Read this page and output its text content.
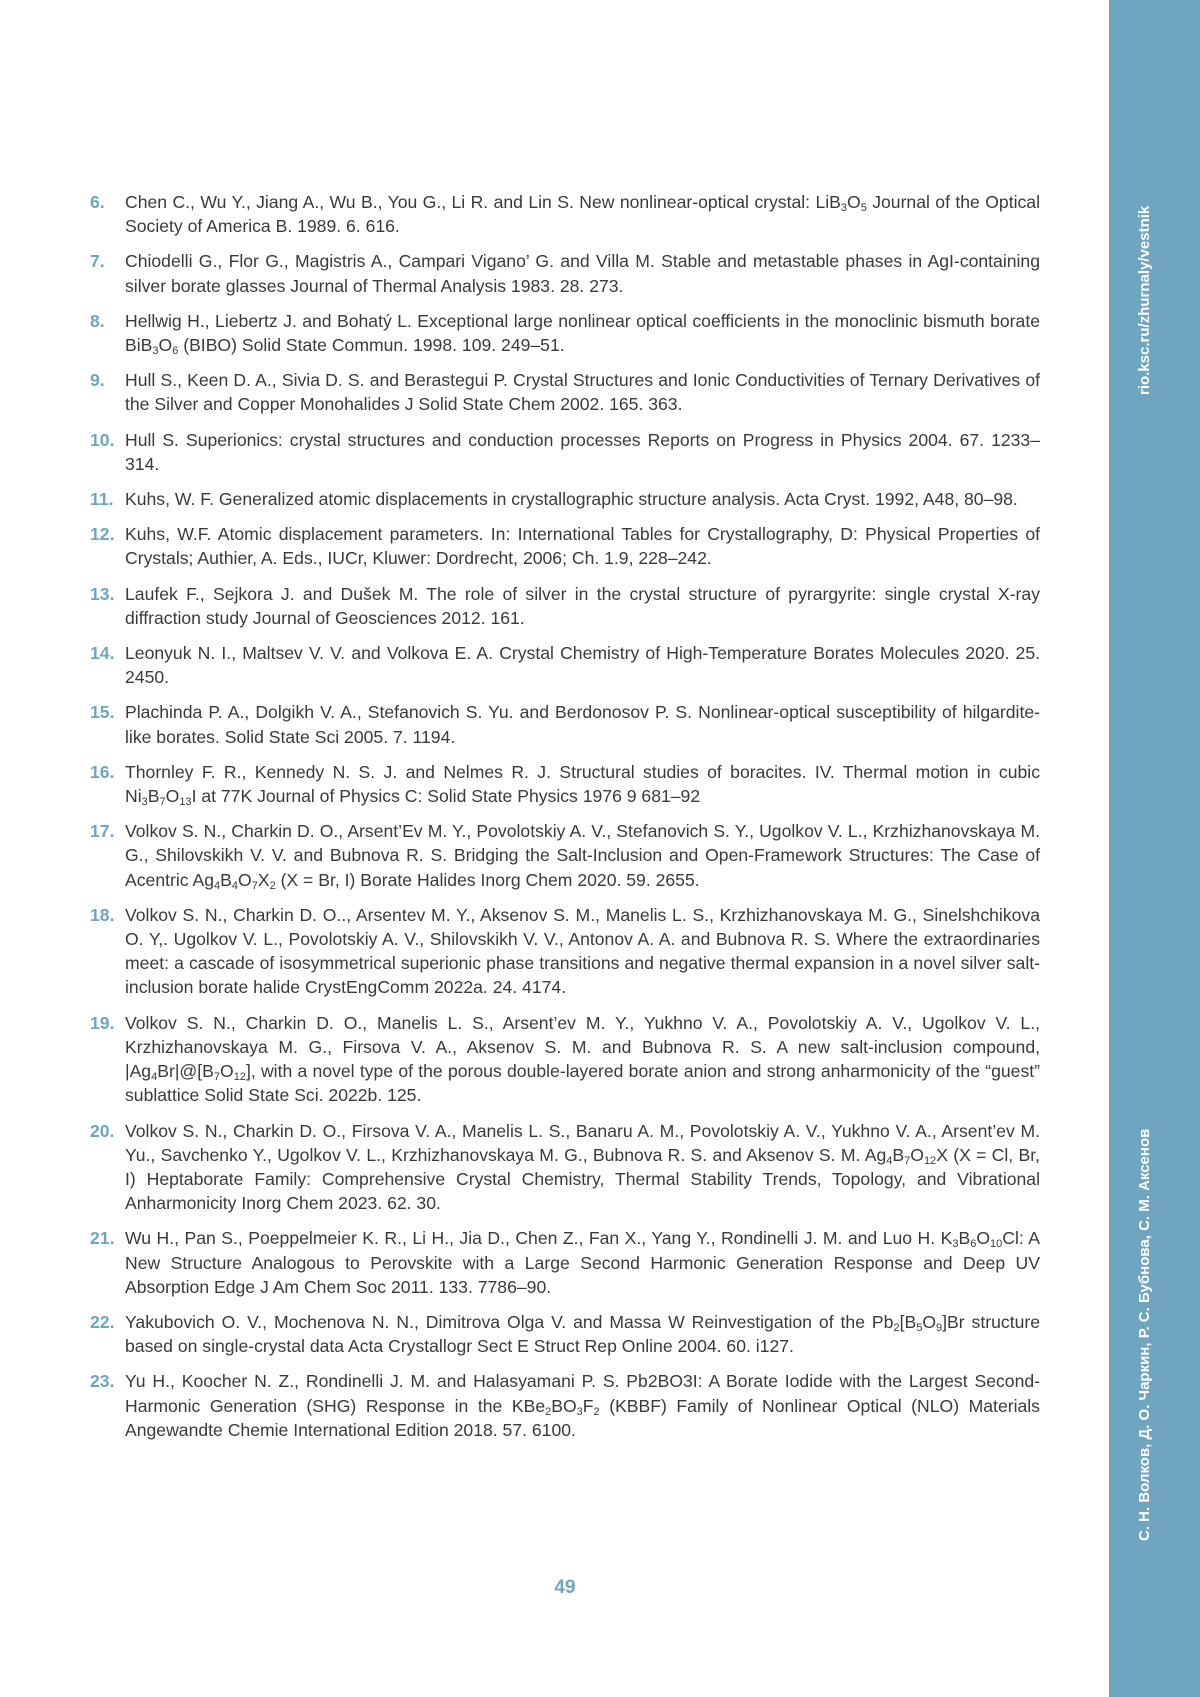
rio.ksc.ru/zhurnaly/vestnik
С. Н. Волков, Д. О. Чаркин, Р. С. Бубнова, С. М. Аксенов
6. Chen C., Wu Y., Jiang A., Wu B., You G., Li R. and Lin S. New nonlinear-optical crystal: LiB3O5 Journal of the Optical Society of America B. 1989. 6. 616.
7. Chiodelli G., Flor G., Magistris A., Campari Vigano’ G. and Villa M. Stable and metastable phases in AgI-containing silver borate glasses Journal of Thermal Analysis 1983. 28. 273.
8. Hellwig H., Liebertz J. and Bohatý L. Exceptional large nonlinear optical coefficients in the monoclinic bismuth borate BiB3O6 (BIBO) Solid State Commun. 1998. 109. 249–51.
9. Hull S., Keen D. A., Sivia D. S. and Berastegui P. Crystal Structures and Ionic Conductivities of Ternary Derivatives of the Silver and Copper Monohalides J Solid State Chem 2002. 165. 363.
10. Hull S. Superionics: crystal structures and conduction processes Reports on Progress in Physics 2004. 67. 1233–314.
11. Kuhs, W. F. Generalized atomic displacements in crystallographic structure analysis. Acta Cryst. 1992, A48, 80–98.
12. Kuhs, W.F. Atomic displacement parameters. In: International Tables for Crystallography, D: Physical Properties of Crystals; Authier, A. Eds., IUCr, Kluwer: Dordrecht, 2006; Ch. 1.9, 228–242.
13. Laufek F., Sejkora J. and Dušek M. The role of silver in the crystal structure of pyrargyrite: single crystal X-ray diffraction study Journal of Geosciences 2012. 161.
14. Leonyuk N. I., Maltsev V. V. and Volkova E. A. Crystal Chemistry of High-Temperature Borates Molecules 2020. 25. 2450.
15. Plachinda P. A., Dolgikh V. A., Stefanovich S. Yu. and Berdonosov P. S. Nonlinear-optical susceptibility of hilgardite-like borates. Solid State Sci 2005. 7. 1194.
16. Thornley F. R., Kennedy N. S. J. and Nelmes R. J. Structural studies of boracites. IV. Thermal motion in cubic Ni3B7O13I at 77K Journal of Physics C: Solid State Physics 1976 9 681–92
17. Volkov S. N., Charkin D. O., Arsent’Ev M. Y., Povolotskiy A. V., Stefanovich S. Y., Ugolkov V. L., Krzhizhanovskaya M. G., Shilovskikh V. V. and Bubnova R. S. Bridging the Salt-Inclusion and Open-Framework Structures: The Case of Acentric Ag4B4O7X2 (X = Br, I) Borate Halides Inorg Chem 2020. 59. 2655.
18. Volkov S. N., Charkin D. O.., Arsentev M. Y., Aksenov S. M., Manelis L. S., Krzhizhanovskaya M. G., Sinelshchikova O. Y,. Ugolkov V. L., Povolotskiy A. V., Shilovskikh V. V., Antonov A. A. and Bubnova R. S. Where the extraordinaries meet: a cascade of isosymmetrical superionic phase transitions and negative thermal expansion in a novel silver salt-inclusion borate halide CrystEngComm 2022a. 24. 4174.
19. Volkov S. N., Charkin D. O., Manelis L. S., Arsent’ev M. Y., Yukhno V. A., Povolotskiy A. V., Ugolkov V. L., Krzhizhanovskaya M. G., Firsova V. A., Aksenov S. M. and Bubnova R. S. A new salt-inclusion compound, |Ag4Br|@[B7O12], with a novel type of the porous double-layered borate anion and strong anharmonicity of the “guest” sublattice Solid State Sci. 2022b. 125.
20. Volkov S. N., Charkin D. O., Firsova V. A., Manelis L. S., Banaru A. M., Povolotskiy A. V., Yukhno V. A., Arsent’ev M. Yu., Savchenko Y., Ugolkov V. L., Krzhizhanovskaya M. G., Bubnova R. S. and Aksenov S. M. Ag4B7O12X (X = Cl, Br, I) Heptaborate Family: Comprehensive Crystal Chemistry, Thermal Stability Trends, Topology, and Vibrational Anharmonicity Inorg Chem 2023. 62. 30.
21. Wu H., Pan S., Poeppelmeier K. R., Li H., Jia D., Chen Z., Fan X., Yang Y., Rondinelli J. M. and Luo H. K3B6O10Cl: A New Structure Analogous to Perovskite with a Large Second Harmonic Generation Response and Deep UV Absorption Edge J Am Chem Soc 2011. 133. 7786–90.
22. Yakubovich O. V., Mochenova N. N., Dimitrova Olga V. and Massa W Reinvestigation of the Pb2[B5O9]Br structure based on single-crystal data Acta Crystallogr Sect E Struct Rep Online 2004. 60. i127.
23. Yu H., Koocher N. Z., Rondinelli J. M. and Halasyamani P. S. Pb2BO3I: A Borate Iodide with the Largest Second-Harmonic Generation (SHG) Response in the KBe2BO3F2 (KBBF) Family of Nonlinear Optical (NLO) Materials Angewandte Chemie International Edition 2018. 57. 6100.
49
